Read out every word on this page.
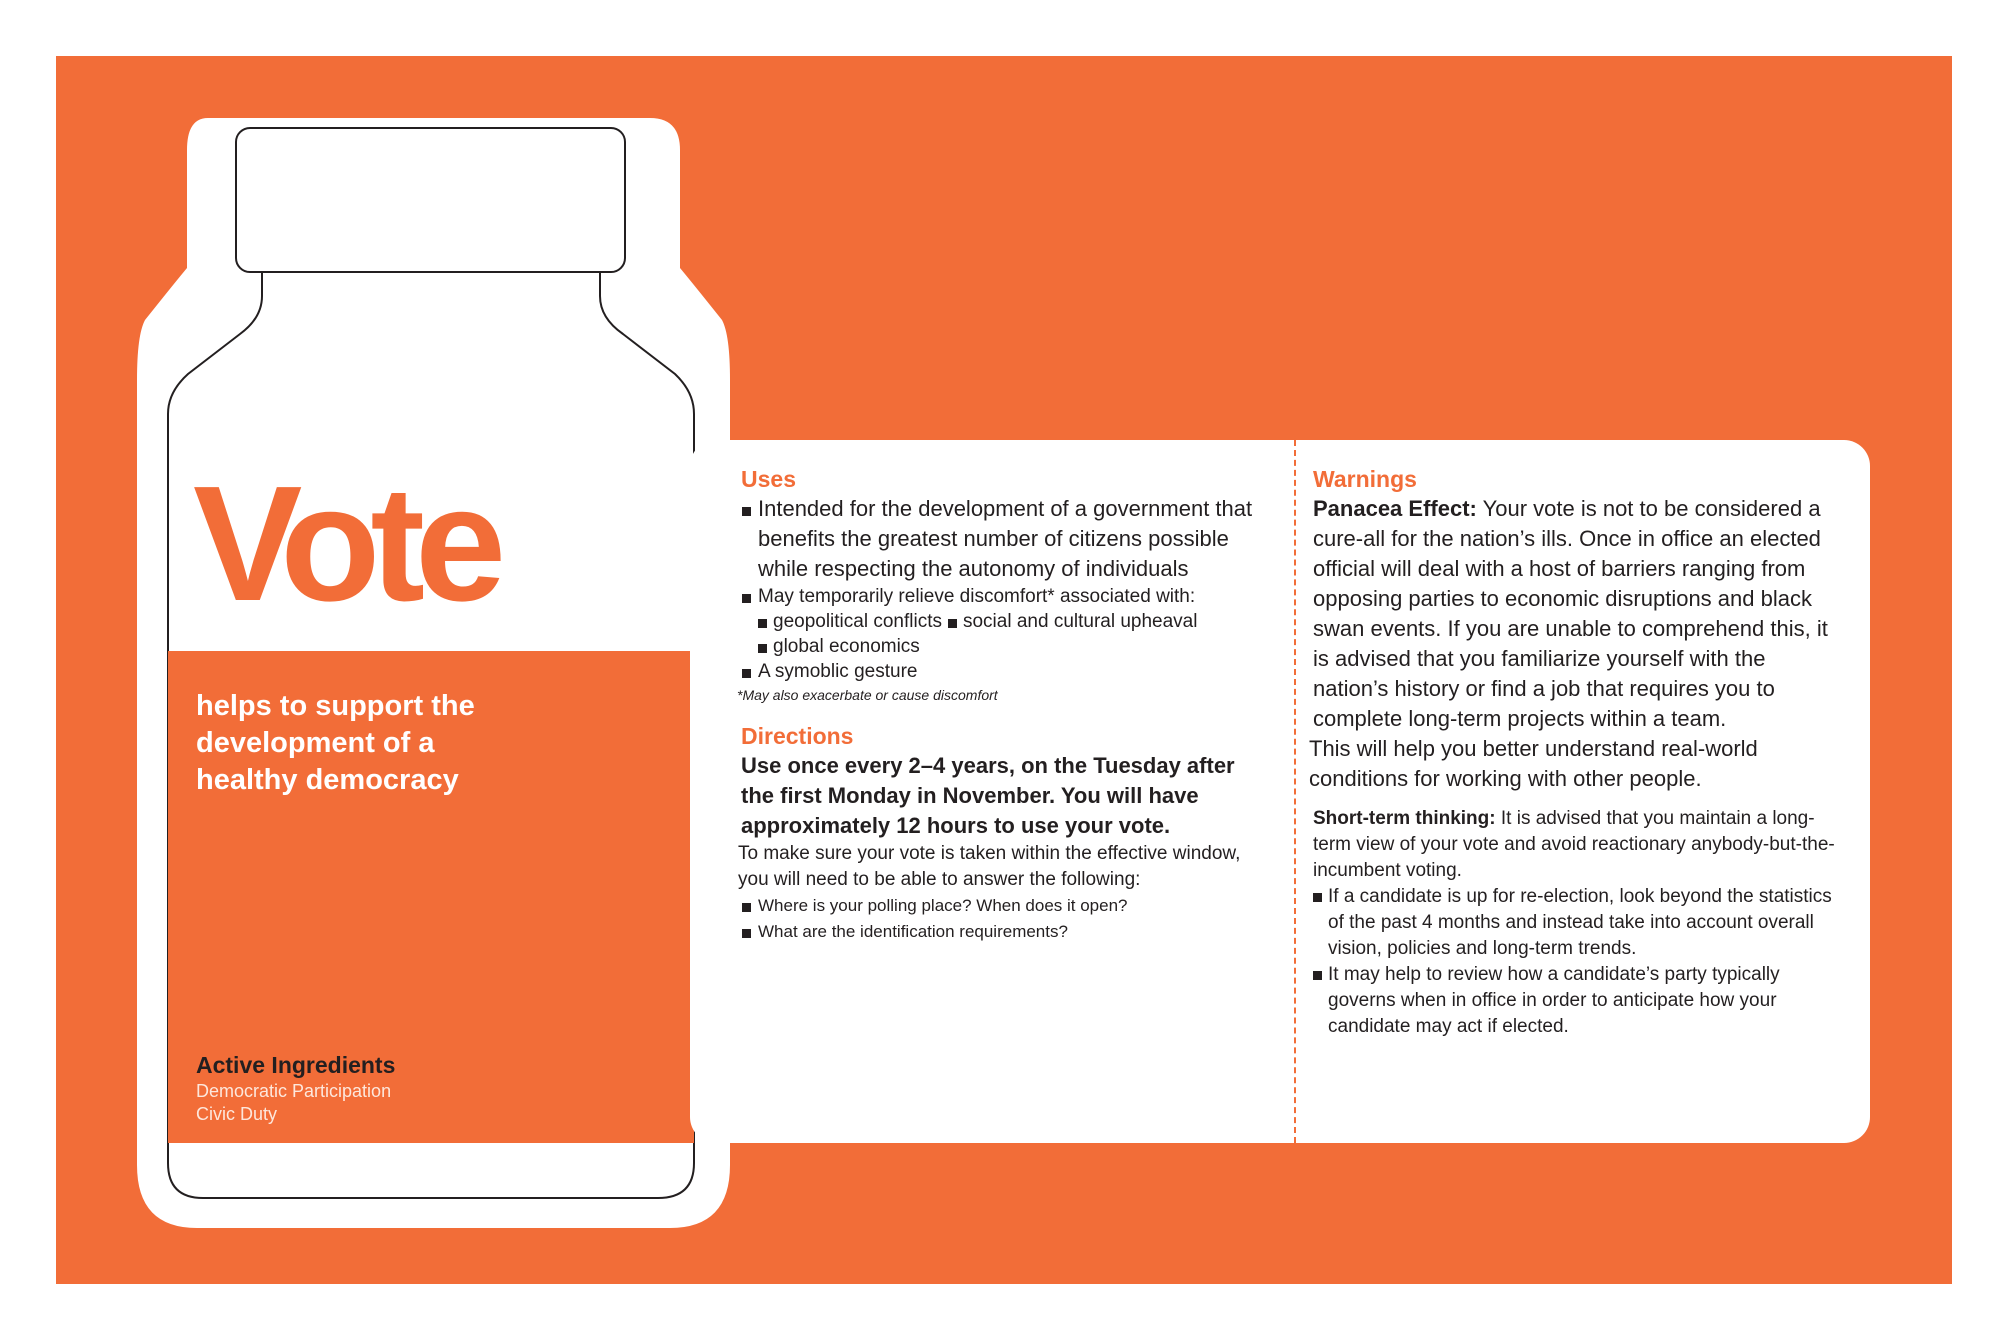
Vote
helps to support the
development of a
healthy democracy
Active Ingredients
Democratic Participation
Civic Duty
Uses
Intended for the development of a government that benefits the greatest number of citizens possible while respecting the autonomy of individuals
May temporarily relieve discomfort* associated with:
geopolitical conflicts social and cultural upheaval
global economics
A symoblic gesture
*May also exacerbate or cause discomfort
Directions
Use once every 2–4 years, on the Tuesday after the first Monday in November. You will have approximately 12 hours to use your vote.
To make sure your vote is taken within the effective window, you will need to be able to answer the following:
Where is your polling place? When does it open?
What are the identification requirements?
Warnings
Panacea Effect: Your vote is not to be considered a cure-all for the nation’s ills. Once in office an elected official will deal with a host of barriers ranging from opposing parties to economic disruptions and black swan events. If you are unable to comprehend this, it is advised that you familiarize yourself with the nation’s history or find a job that requires you to complete long-term projects within a team.
This will help you better understand real-world conditions for working with other people.
Short-term thinking: It is advised that you maintain a long-term view of your vote and avoid reactionary anybody-but-the-incumbent voting.
If a candidate is up for re-election, look beyond the statistics of the past 4 months and instead take into account overall vision, policies and long-term trends.
It may help to review how a candidate’s party typically governs when in office in order to anticipate how your candidate may act if elected.
